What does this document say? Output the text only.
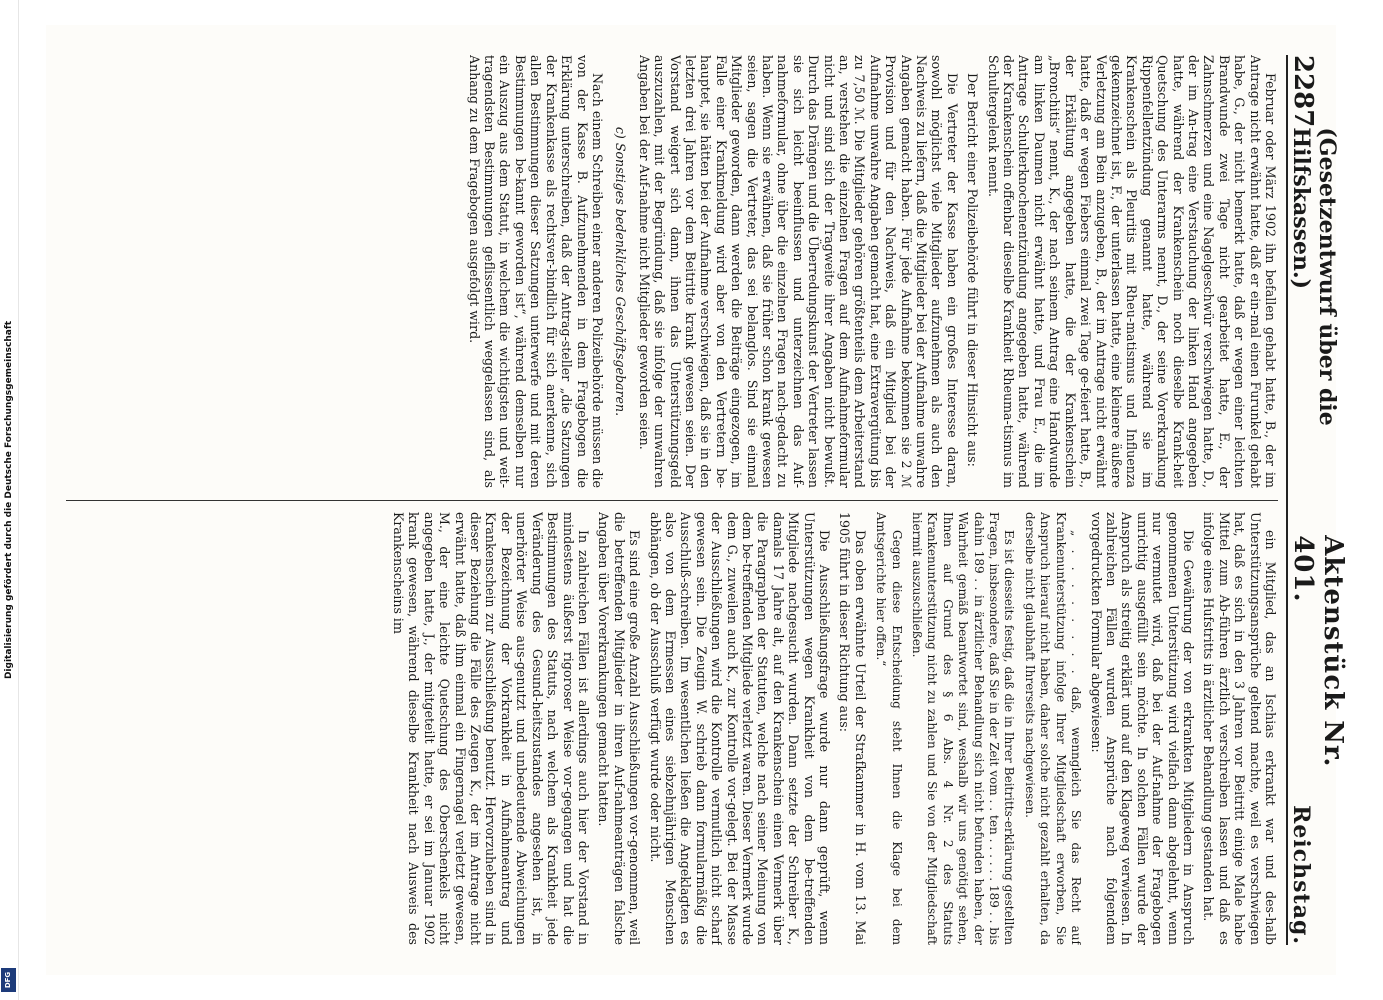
Digitalisierung gefördert durch die Deutsche Forschungsgemeinschaft
DFG
2287
(Gesetzentwurf über die Hilfskassen.)
Aktenstück Nr. 401.
Reichstag.

Februar oder März 1902 ihn befallen gehabt hatte, B., der im Antrage nicht erwähnt hatte, daß er ein-mal einen Furunkel gehabt habe, G., der nicht bemerkt hatte, daß er wegen einer leichten Brandwunde zwei Tage nicht gearbeitet hatte, E., der Zahnschmerzen und eine Nagelgeschwür verschwiegen hatte, D., der im An-trag eine Verstauchung der linken Hand angegeben hatte, während der Krankenschein noch dieselbe Krank-heit Quetschung des Unterarms nennt, D., der seine Vorerkrankung Rippenfellentzündung genannt hatte, während sie im Krankenschein als Pleuritis mit Rheu-matismus und Influenza gekennzeichnet ist, F., der unterlassen hatte, eine kleinere äußere Verletzung am Bein anzugeben, B., der im Antrage nicht erwähnt hatte, daß er wegen Fiebers einmal zwei Tage ge-feiert hatte, B., der Erkältung angegeben hatte, die der Krankenschein „Bronchitis“ nennt, K., der nach seinem Antrag eine Handwunde am linken Daumen nicht erwähnt hatte, und Frau E., die im Antrage Schulterknochenentzündung angegeben hatte, während der Krankenschein offenbar dieselbe Krankheit Rheuma-tismus im Schultergelenk nennt.

Der Bericht einer Polizeibehörde führt in dieser Hinsicht aus:

Die Vertreter der Kasse haben ein großes Interesse daran, sowohl möglichst viele Mitglieder aufzunehmen als auch den Nachweis zu liefern, daß die Mitglieder bei der Aufnahme unwahre Angaben gemacht haben. Für jede Aufnahme bekommen sie 2 ℳ Provision und für den Nachweis, daß ein Mitglied bei der Aufnahme unwahre Angaben gemacht hat, eine Extravergütung bis zu 7,50 ℳ. Die Mitglieder gehören größtenteils dem Arbeiterstand an, verstehen die einzelnen Fragen auf dem Aufnahmeformular nicht und sind sich der Tragweite ihrer Angaben nicht bewußt. Durch das Drängen und die Überredungskunst der Vertreter lassen sie sich leicht beeinflussen und unterzeichnen das Auf-nahmeformular, ohne über die einzelnen Fragen nach-gedacht zu haben. Wenn sie erwähnen, daß sie früher schon krank gewesen seien, sagen die Vertreter, das sei belanglos. Sind sie einmal Mitglieder geworden, dann werden die Beiträge eingezogen, im Falle einer Krankmeldung wird aber von den Vertretern be-hauptet, sie hätten bei der Aufnahme verschwiegen, daß sie in den letzten drei Jahren vor dem Beitritte krank gewesen seien. Der Vorstand weigert sich dann, ihnen das Unterstützungsgeld auszuzahlen, mit der Begründung, daß sie infolge der unwahren Angaben bei der Auf-nahme nicht Mitglieder geworden seien.

c) Sonstiges bedenkliches Geschäftsgebaren.

Nach einem Schreiben einer anderen Polizeibehörde müssen die von der Kasse B. Aufzunehmenden in dem Fragebogen die Erklärung unterschreiben, daß der Antrag-steller „die Satzungen der Krankenkasse als rechtsver-bindlich für sich anerkenne, sich allen Bestimmungen dieser Satzungen unterwerfe und mit deren Bestimmungen be-kannt geworden ist“, während demselben nur ein Auszug aus dem Statut, in welchem die wichtigsten und weit-tragendsten Bestimmungen geflissentlich weggelassen sind, als Anhang zu dem Fragebogen ausgefolgt wird.

ein Mitglied, das an Ischias erkrankt war und des-halb Unterstützungsansprüche geltend machte, weil es verschwiegen hat, daß es sich in den 3 Jahren vor Beitritt einige Male habe Mittel zum Ab-führen ärztlich verschreiben lassen und daß es infolge eines Hufstritts in ärztlicher Behandlung gestanden hat.

Die Gewährung der von erkrankten Mitgliedern in Anspruch genommenen Unterstützung wird vielfach dann abgelehnt, wenn nur vermutet wird, daß bei der Auf-nahme der Fragebogen unrichtig ausgefüllt sein möchte. In solchen Fällen wurde der Anspruch als streitig erklärt und auf den Klageweg verwiesen. In zahlreichen Fällen wurden Ansprüche nach folgendem vorgedruckten Formular abgewiesen:

„ . . . . . . . . daß, wenngleich Sie das Recht auf Krankenunterstützung infolge Ihrer Mitgliedschaft erworben, Sie Anspruch hierauf nicht haben, daher solche nicht gezahlt erhalten, da derselbe nicht glaubhaft Ihrerseits nachgewiesen.

Es ist diesseits festig, daß die in Ihrer Beitritts-erklärung gestellten Fragen, insbesondere, daß Sie in der Zeit vom . . ten . . . . . . 189 . . bis dahin 189 . . in ärztlicher Behandlung sich nicht befunden haben, der Wahrheit gemäß beantwortet sind, weshalb wir uns genötigt sehen, Ihnen auf Grund des § 6 Abs. 4 Nr. 2 des Statuts Krankenunterstützung nicht zu zahlen und Sie von der Mitgliedschaft hiermit auszuschließen.

Gegen diese Entscheidung steht Ihnen die Klage bei dem Amtsgerichte hier offen.“

Das oben erwähnte Urteil der Strafkammer in H. vom 13. Mai 1905 führt in dieser Richtung aus:

Die Ausschließungsfrage wurde nur dann geprüft, wenn Unterstützungen wegen Krankheit von dem be-treffenden Mitgliede nachgesucht wurden. Dann setzte der Schreiber K., damals 17 Jahre alt, auf den Krankenschein einen Vermerk über die Paragraphen der Statuten, welche nach seiner Meinung von dem be-treffenden Mitgliede verletzt waren. Dieser Vermerk wurde dem G., zuweilen auch K., zur Kontrolle vor-gelegt. Bei der Masse der Ausschließungen wird die Kontrolle vermutlich nicht scharf gewesen sein. Die Zeugin W. schrieb dann formularmäßig die Ausschluß-schreiben. Im wesentlichen ließen die Angeklagten es also von dem Ermessen eines siebzehnjährigen Menschen abhängen, ob der Ausschluß verfügt wurde oder nicht.

Es sind eine große Anzahl Ausschließungen vor-genommen, weil die betreffenden Mitglieder in ihren Auf-nahmeanträgen falsche Angaben über Vorerkrankungen gemacht hatten.

In zahlreichen Fällen ist allerdings auch hier der Vorstand in mindestens äußerst rigoroser Weise vor-gegangen und hat die Bestimmungen des Statuts, nach welchem als Krankheit jede Veränderung des Gesund-heitszustandes angesehen ist, in unerhörter Weise aus-genutzt und unbedeutende Abweichungen der Bezeichnung der Vorkrankheit in Aufnahmeantrag und Krankenschein zur Ausschließung benutzt. Hervorzuheben sind in dieser Beziehung die Fälle des Zeugen K., der im Antrage nicht erwähnt hatte, daß ihm einmal ein Fingernagel verletzt gewesen, M., der eine leichte Quetschung des Oberschenkels nicht angegeben hatte, J., der mitgeteilt hatte, er sei im Januar 1902 krank gewesen, während dieselbe Krankheit nach Ausweis des Krankenscheins im
